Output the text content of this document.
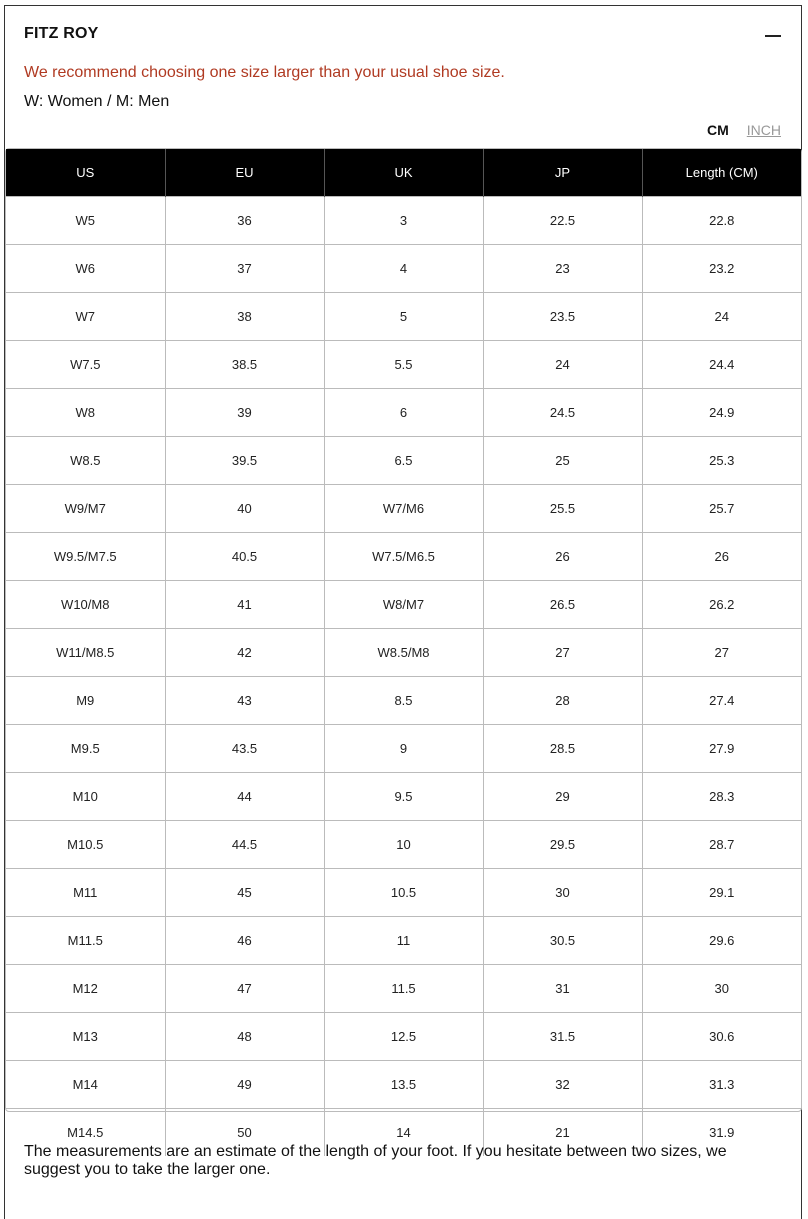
FITZ ROY
We recommend choosing one size larger than your usual shoe size.
W: Women / M: Men
CM INCH
US	EU	UK	JP	Length (CM)
W5	36	3	22.5	22.8
W6	37	4	23	23.2
W7	38	5	23.5	24
W7.5	38.5	5.5	24	24.4
W8	39	6	24.5	24.9
W8.5	39.5	6.5	25	25.3
W9/M7	40	W7/M6	25.5	25.7
W9.5/M7.5	40.5	W7.5/M6.5	26	26
W10/M8	41	W8/M7	26.5	26.2
W11/M8.5	42	W8.5/M8	27	27
M9	43	8.5	28	27.4
M9.5	43.5	9	28.5	27.9
M10	44	9.5	29	28.3
M10.5	44.5	10	29.5	28.7
M11	45	10.5	30	29.1
M11.5	46	11	30.5	29.6
M12	47	11.5	31	30
M13	48	12.5	31.5	30.6
M14	49	13.5	32	31.3
M14.5	50	14	21	31.9
The measurements are an estimate of the length of your foot. If you hesitate between two sizes, we suggest you to take the larger one.
